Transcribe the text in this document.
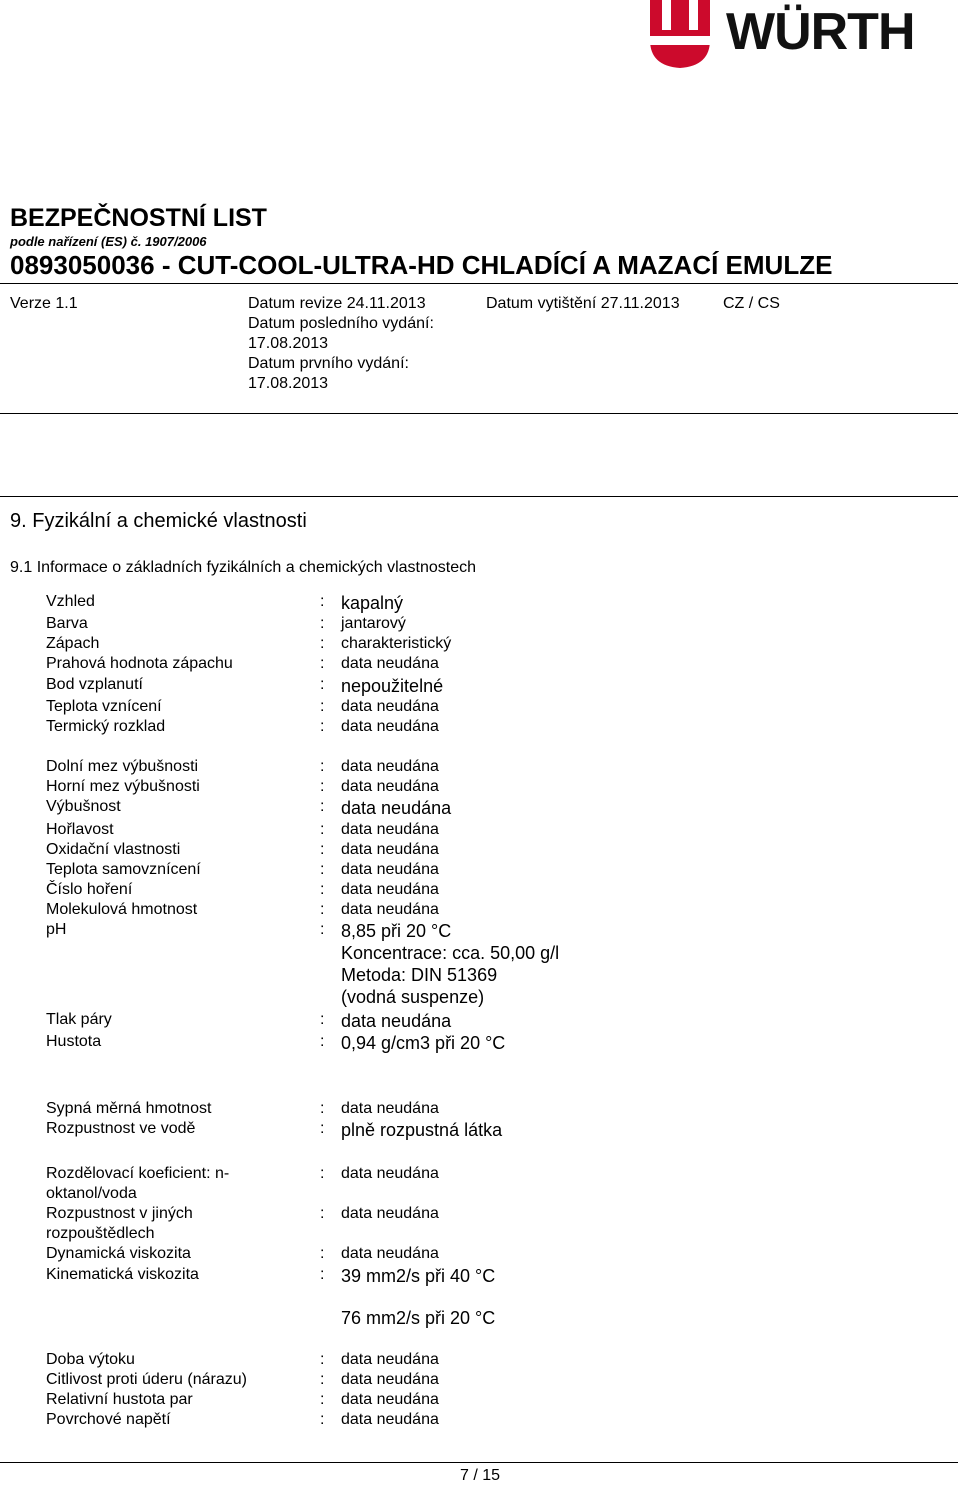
WÜRTH
BEZPEČNOSTNÍ LIST
podle nařízení (ES) č. 1907/2006
0893050036 - CUT-COOL-ULTRA-HD CHLADÍCÍ A MAZACÍ EMULZE
Verze 1.1	Datum revize 24.11.2013
Datum posledního vydání:
17.08.2013
Datum prvního vydání:
17.08.2013
Datum vytištění 27.11.2013	CZ / CS
9. Fyzikální a chemické vlastnosti
9.1 Informace o základních fyzikálních a chemických vlastnostech
Vzhled	: kapalný
Barva	: jantarový
Zápach	: charakteristický
Prahová hodnota zápachu	: data neudána
Bod vzplanutí	: nepoužitelné
Teplota vznícení	: data neudána
Termický rozklad	: data neudána
Dolní mez výbušnosti	: data neudána
Horní mez výbušnosti	: data neudána
Výbušnost	: data neudána
Hořlavost	: data neudána
Oxidační vlastnosti	: data neudána
Teplota samovznícení	: data neudána
Číslo hoření	: data neudána
Molekulová hmotnost	: data neudána
pH	: 8,85 při 20 °C
Koncentrace: cca. 50,00 g/l
Metoda: DIN 51369
(vodná suspenze)
Tlak páry	: data neudána
Hustota	: 0,94 g/cm3 při 20 °C
Sypná měrná hmotnost	: data neudána
Rozpustnost ve vodě	: plně rozpustná látka
Rozdělovací koeficient: n-oktanol/voda
: data neudána
Rozpustnost v jiných rozpouštědlech
: data neudána
Dynamická viskozita	: data neudána
Kinematická viskozita	: 39 mm2/s při 40 °C
76 mm2/s při 20 °C
Doba výtoku	: data neudána
Citlivost proti úderu (nárazu)	: data neudána
Relativní hustota par	: data neudána
Povrchové napětí	: data neudána
7 / 15
